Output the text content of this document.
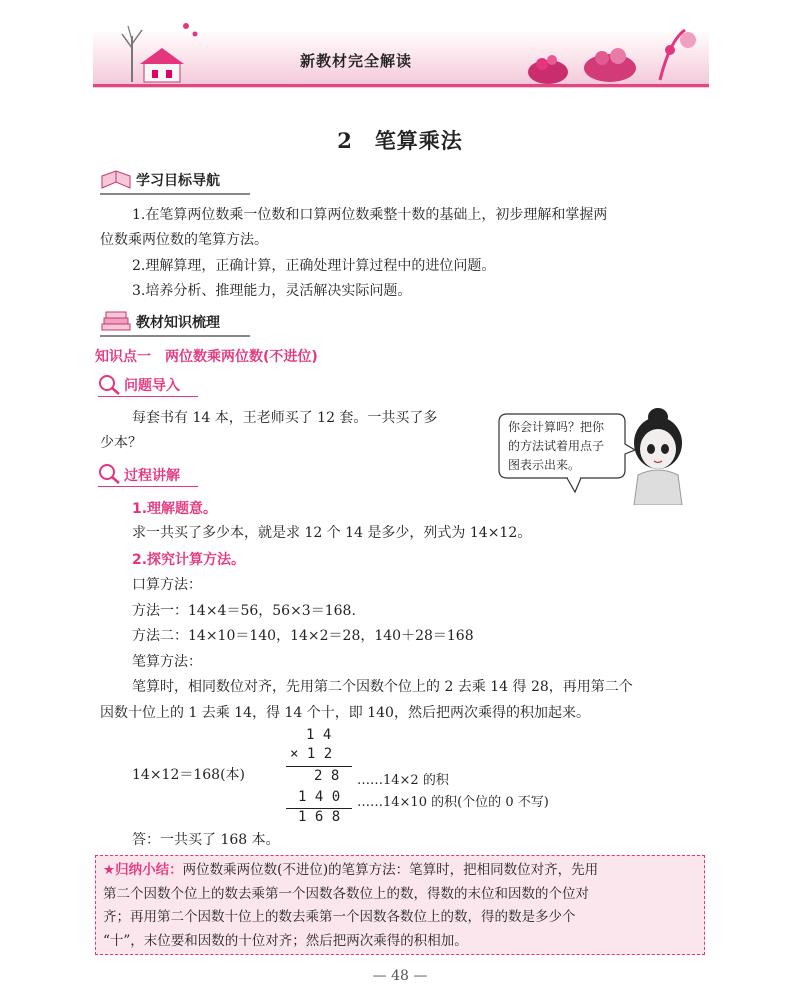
新教材完全解读
2　笔算乘法
学习目标导航
1.在笔算两位数乘一位数和口算两位数乘整十数的基础上，初步理解和掌握两
位数乘两位数的笔算方法。
2.理解算理，正确计算，正确处理计算过程中的进位问题。
3.培养分析、推理能力，灵活解决实际问题。
教材知识梳理
知识点一　两位数乘两位数(不进位)
问题导入
每套书有 14 本，王老师买了 12 套。一共买了多
少本？
你会计算吗？把你
的方法试着用点子
图表示出来。
过程讲解
1.理解题意。
求一共买了多少本，就是求 12 个 14 是多少，列式为 14×12。
2.探究计算方法。
口算方法：
方法一：14×4＝56，56×3＝168.
方法二：14×10＝140，14×2＝28，140＋28＝168
笔算方法：
笔算时，相同数位对齐，先用第二个因数个位上的 2 去乘 14 得 28，再用第二个
因数十位上的 1 去乘 14，得 14 个十，即 140，然后把两次乘得的积加起来。
14×12＝168(本)
1 4
× 1 2
2 8
1 4 0
1 6 8
……14×2 的积
……14×10 的积(个位的 0 不写)
答：一共买了 168 本。
★归纳小结：两位数乘两位数(不进位)的笔算方法：笔算时，把相同数位对齐，先用
第二个因数个位上的数去乘第一个因数各数位上的数，得数的末位和因数的个位对
齐；再用第二个因数十位上的数去乘第一个因数各数位上的数，得的数是多少个
“十”，末位要和因数的十位对齐；然后把两次乘得的积相加。
— 48 —
